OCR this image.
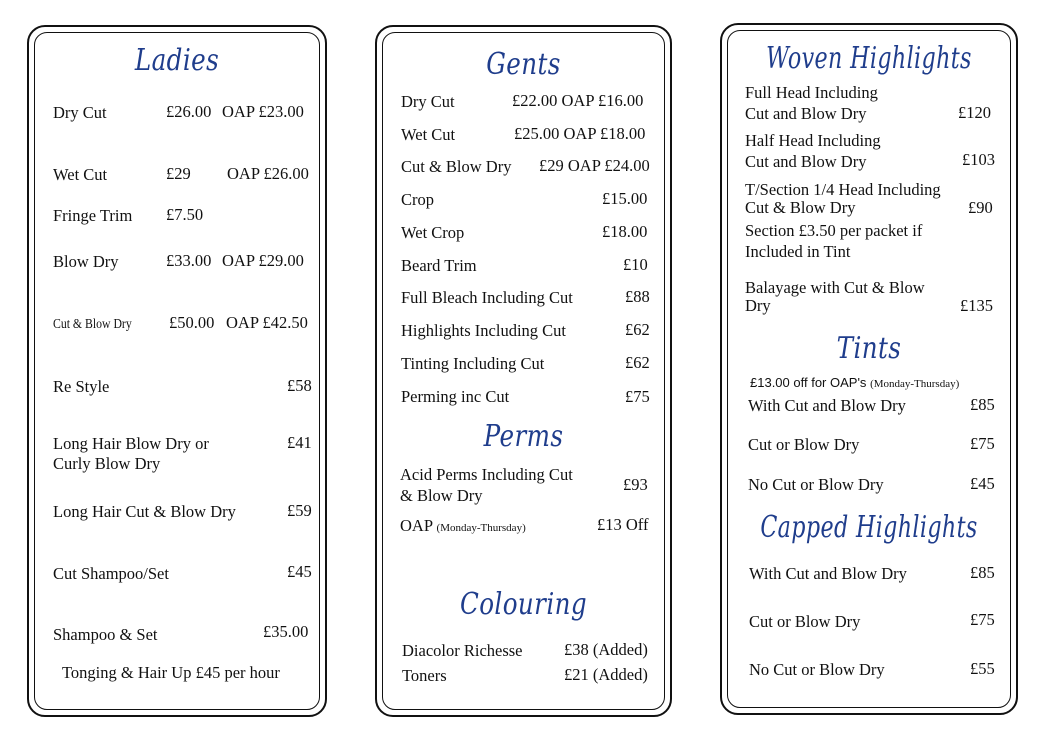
Ladies
Dry Cut	£26.00 OAP £23.00
Wet Cut	£29 OAP £26.00
Fringe Trim £7.50
Blow Dry	£33.00 OAP £29.00
Cut & Blow Dry	£50.00 OAP £42.50
Re Style	£58
Long Hair Blow Dry or
Curly Blow Dry
£41
Long Hair Cut & Blow Dry	£59
Cut Shampoo/Set	£45
Shampoo & Set	£35.00
Tonging & Hair Up £45 per hour
Gents
Dry Cut	£22.00 OAP £16.00
Wet Cut	£25.00 OAP £18.00
Cut & Blow Dry £29 OAP £24.00
Crop	£15.00
Wet Crop	£18.00
Beard Trim	£10
Full Bleach Including Cut	£88
Highlights Including Cut	£62
Tinting Including Cut	£62
Perming inc Cut	£75
Perms
Acid Perms Including Cut
& Blow Dry
£93
OAP (Monday-Thursday)	£13 Off
Colouring
Diacolor Richesse	£38 (Added)
Toners	£21 (Added)
Woven Highlights
Full Head Including
Cut and Blow Dry	£120
Half Head Including
Cut and Blow Dry	£103
T/Section 1/4 Head Including
Cut & Blow Dry	£90
Section £3.50 per packet if
Included in Tint
Balayage with Cut & Blow
Dry	£135
Tints
£13.00 off for OAP's (Monday-Thursday)
With Cut and Blow Dry	£85
Cut or Blow Dry	£75
No Cut or Blow Dry	£45
Capped Highlights
With Cut and Blow Dry	£85
Cut or Blow Dry	£75
No Cut or Blow Dry	£55
